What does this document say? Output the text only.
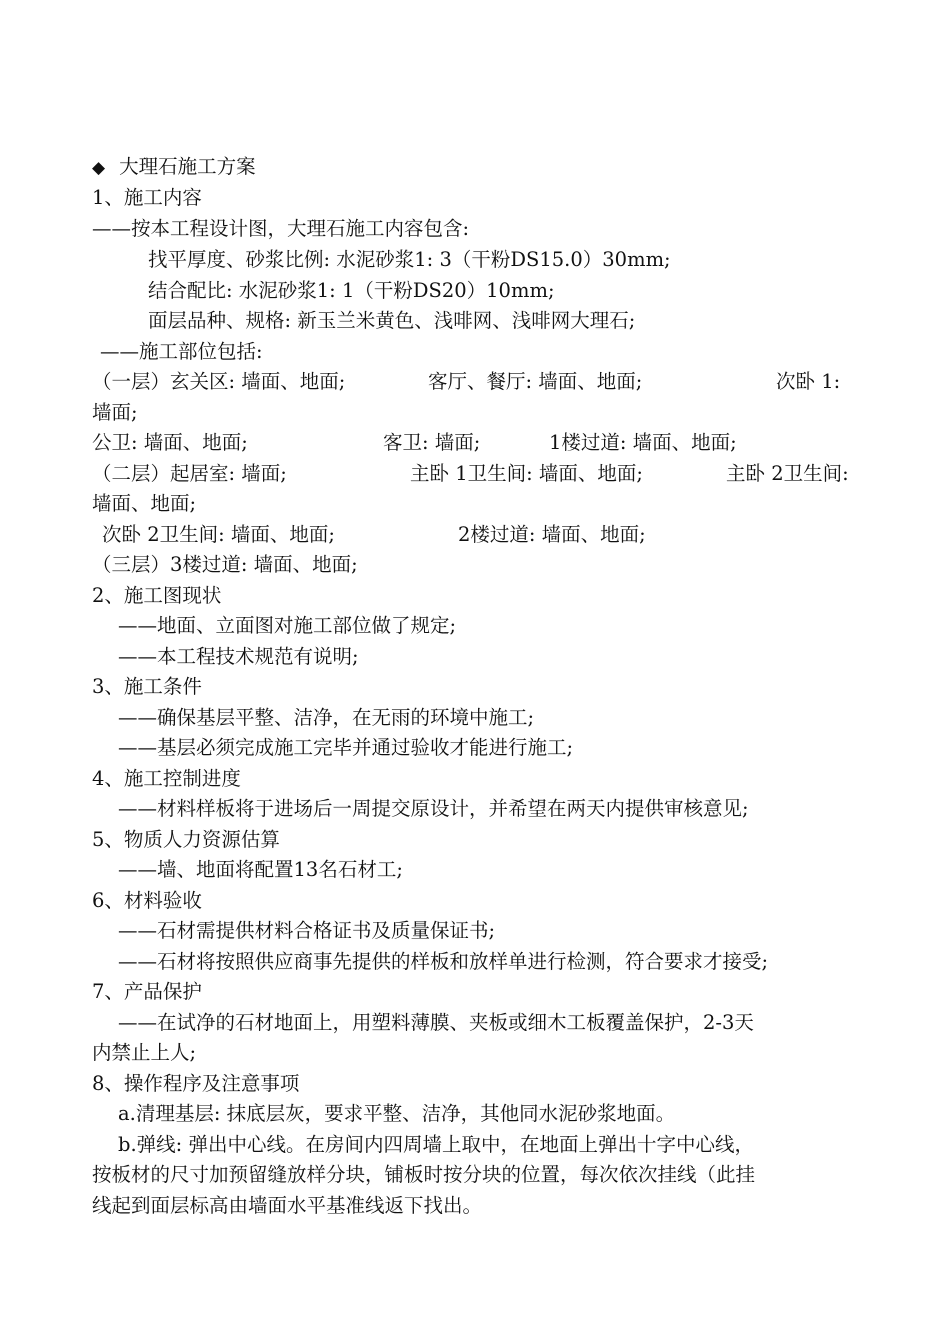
◆ 大理石施工方案
1、施工内容
——按本工程设计图，大理石施工内容包含:
找平厚度、砂浆比例: 水泥砂浆1: 3（干粉DS15.0）30mm;
结合配比: 水泥砂浆1: 1（干粉DS20）10mm;
面层品种、规格: 新玉兰米黄色、浅啡网、浅啡网大理石;
——施工部位包括:
（一层）玄关区: 墙面、地面;	客厅、餐厅: 墙面、地面;	次卧 1:
墙面;
公卫: 墙面、地面;	客卫: 墙面;	1楼过道: 墙面、地面;
（二层）起居室: 墙面;	主卧 1卫生间: 墙面、地面;	主卧 2卫生间:
墙面、地面;
次卧 2卫生间: 墙面、地面;	2楼过道: 墙面、地面;
（三层）3楼过道: 墙面、地面;
2、施工图现状
——地面、立面图对施工部位做了规定;
——本工程技术规范有说明;
3、施工条件
——确保基层平整、洁净，在无雨的环境中施工;
——基层必须完成施工完毕并通过验收才能进行施工;
4、施工控制进度
——材料样板将于进场后一周提交原设计，并希望在两天内提供审核意见;
5、物质人力资源估算
——墙、地面将配置13名石材工;
6、材料验收
——石材需提供材料合格证书及质量保证书;
——石材将按照供应商事先提供的样板和放样单进行检测，符合要求才接受;
7、产品保护
——在试净的石材地面上，用塑料薄膜、夹板或细木工板覆盖保护，2-3天
内禁止上人;
8、操作程序及注意事项
a.清理基层: 抹底层灰，要求平整、洁净，其他同水泥砂浆地面。
b.弹线: 弹出中心线。在房间内四周墙上取中，在地面上弹出十字中心线，
按板材的尺寸加预留缝放样分块，铺板时按分块的位置，每次依次挂线（此挂
线起到面层标高由墙面水平基准线返下找出。
